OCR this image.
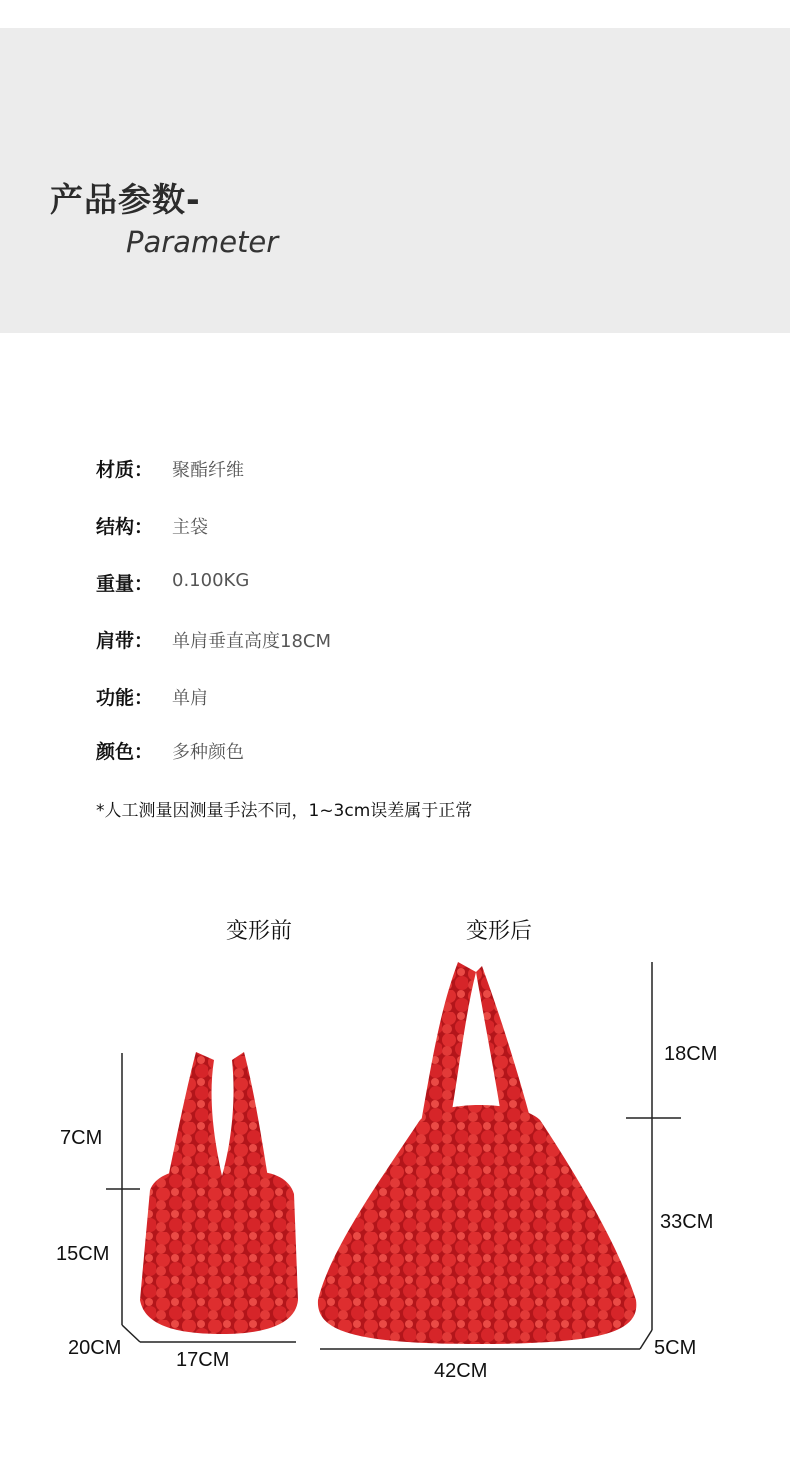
产品参数-
Parameter
材质： 聚酯纤维
结构： 主袋
重量： 0.100KG
肩带： 单肩垂直高度18CM
功能： 单肩
颜色： 多种颜色
*人工测量因测量手法不同，1~3cm误差属于正常
变形前	变形后
7CM
15CM
20CM
17CM
18CM
33CM
5CM
42CM
